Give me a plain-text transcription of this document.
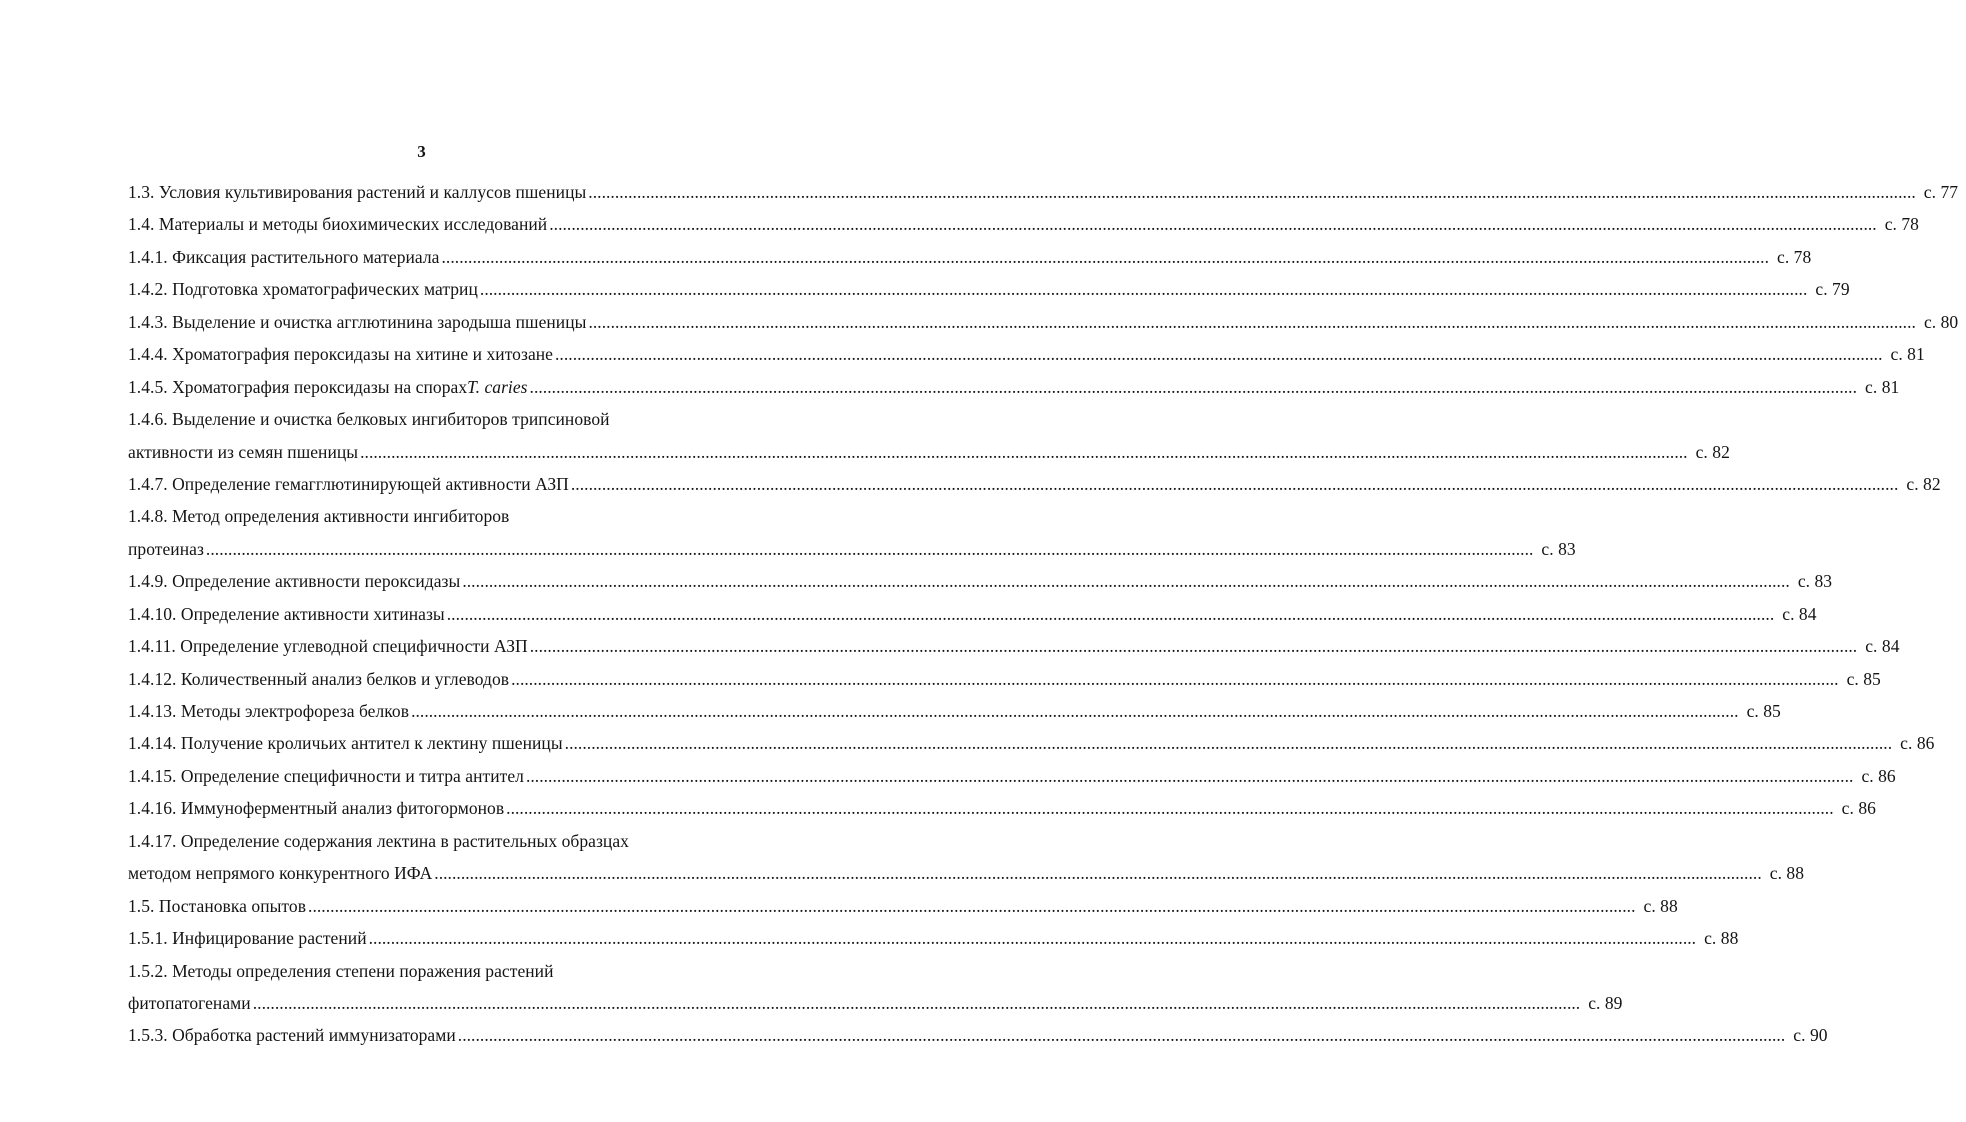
3
1.3. Условия культивирования растений и каллусов пшеницы ............................................................................................................................................................................................................................................................................................................ с. 77
1.4. Материалы и методы биохимических исследований ............................................................................................................................................................................................................................................................................................................ с. 78
1.4.1. Фиксация растительного материала ............................................................................................................................................................................................................................................................................................................ с. 78
1.4.2. Подготовка хроматографических матриц ............................................................................................................................................................................................................................................................................................................ с. 79
1.4.3. Выделение и очистка агглютинина зародыша пшеницы ............................................................................................................................................................................................................................................................................................................ с. 80
1.4.4. Хроматография пероксидазы на хитине и хитозане ............................................................................................................................................................................................................................................................................................................ с. 81
1.4.5. Хроматография пероксидазы на спорах T. caries ............................................................................................................................................................................................................................................................................................................ с. 81
1.4.6. Выделение и очистка белковых ингибиторов трипсиновой
активности из семян пшеницы ............................................................................................................................................................................................................................................................................................................ с. 82
1.4.7. Определение гемагглютинирующей активности АЗП ............................................................................................................................................................................................................................................................................................................ с. 82
1.4.8. Метод определения активности ингибиторов
протеиназ ............................................................................................................................................................................................................................................................................................................ с. 83
1.4.9. Определение активности пероксидазы ............................................................................................................................................................................................................................................................................................................ с. 83
1.4.10. Определение активности хитиназы ............................................................................................................................................................................................................................................................................................................ с. 84
1.4.11. Определение углеводной специфичности АЗП ............................................................................................................................................................................................................................................................................................................ с. 84
1.4.12. Количественный анализ белков и углеводов ............................................................................................................................................................................................................................................................................................................ с. 85
1.4.13. Методы электрофореза белков ............................................................................................................................................................................................................................................................................................................ с. 85
1.4.14. Получение кроличьих антител к лектину пшеницы ............................................................................................................................................................................................................................................................................................................ с. 86
1.4.15. Определение специфичности и титра антител ............................................................................................................................................................................................................................................................................................................ с. 86
1.4.16. Иммуноферментный анализ фитогормонов ............................................................................................................................................................................................................................................................................................................ с. 86
1.4.17. Определение содержания лектина в растительных образцах
методом непрямого конкурентного ИФА ............................................................................................................................................................................................................................................................................................................ с. 88
1.5. Постановка опытов ............................................................................................................................................................................................................................................................................................................ с. 88
1.5.1. Инфицирование растений ............................................................................................................................................................................................................................................................................................................ с. 88
1.5.2. Методы определения степени поражения растений
фитопатогенами ............................................................................................................................................................................................................................................................................................................ с. 89
1.5.3. Обработка растений иммунизаторами ............................................................................................................................................................................................................................................................................................................ с. 90
